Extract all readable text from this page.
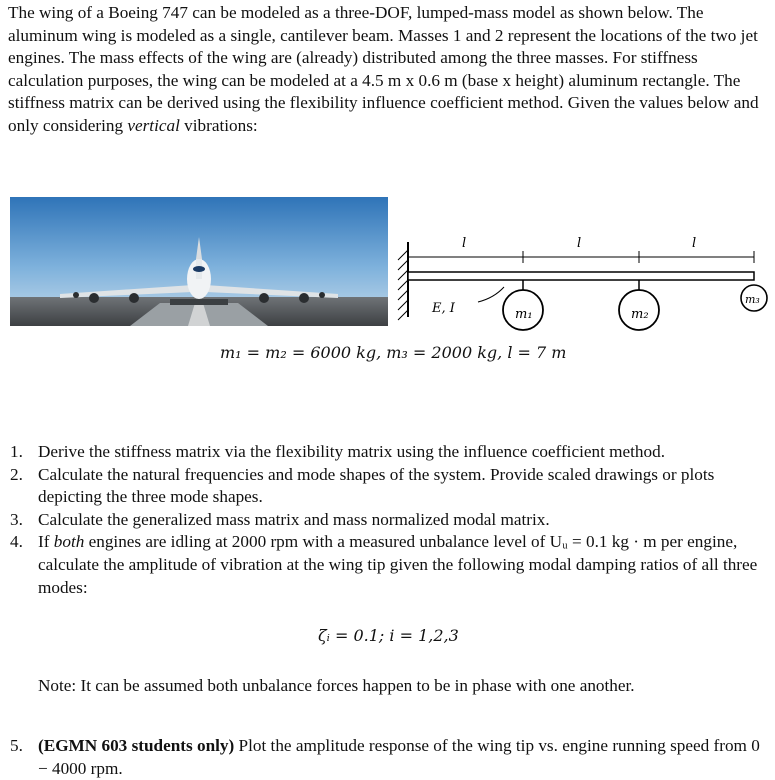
The wing of a Boeing 747 can be modeled as a three-DOF, lumped-mass model as shown below. The aluminum wing is modeled as a single, cantilever beam. Masses 1 and 2 represent the locations of the two jet engines. The mass effects of the wing are (already) distributed among the three masses. For stiffness calculation purposes, the wing can be modeled at a 4.5 m x 0.6 m (base x height) aluminum rectangle. The stiffness matrix can be derived using the flexibility influence coefficient method. Given the values below and only considering vertical vibrations:

l	l	l
E, I	m₁	m₂
m₃
m₁ = m₂ = 6000 kg, m₃ = 2000 kg, l = 7 m
1. Derive the stiffness matrix via the flexibility matrix using the influence coefficient method.
2. Calculate the natural frequencies and mode shapes of the system. Provide scaled drawings or plots depicting the three mode shapes.
3. Calculate the generalized mass matrix and mass normalized modal matrix.
4. If both engines are idling at 2000 rpm with a measured unbalance level of Uᵤ = 0.1 kg · m per engine, calculate the amplitude of vibration at the wing tip given the following modal damping ratios of all three modes:
ζᵢ = 0.1; i = 1,2,3
Note: It can be assumed both unbalance forces happen to be in phase with one another.
5. (EGMN 603 students only) Plot the amplitude response of the wing tip vs. engine running speed from 0 − 4000 rpm.
